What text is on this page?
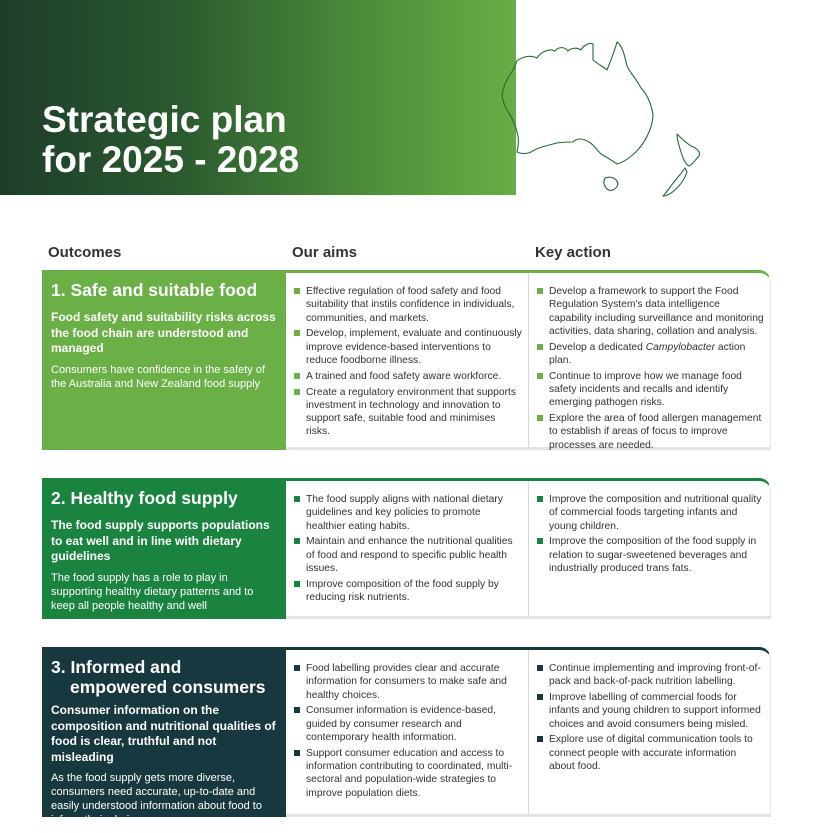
Strategic plan
for 2025 - 2028
Outcomes	Our aims	Key action
1. Safe and suitable food
Food safety and suitability risks across the food chain are understood and managed
Consumers have confidence in the safety of the Australia and New Zealand food supply
Effective regulation of food safety and food suitability that instils confidence in individuals, communities, and markets.
Develop, implement, evaluate and continuously improve evidence-based interventions to reduce foodborne illness.
A trained and food safety aware workforce.
Create a regulatory environment that supports investment in technology and innovation to support safe, suitable food and minimises risks.
Develop a framework to support the Food Regulation System's data intelligence capability including surveillance and monitoring activities, data sharing, collation and analysis.
Develop a dedicated Campylobacter action plan.
Continue to improve how we manage food safety incidents and recalls and identify emerging pathogen risks.
Explore the area of food allergen management to establish if areas of focus to improve processes are needed.
2. Healthy food supply
The food supply supports populations to eat well and in line with dietary guidelines
The food supply has a role to play in supporting healthy dietary patterns and to keep all people healthy and well
The food supply aligns with national dietary guidelines and key policies to promote healthier eating habits.
Maintain and enhance the nutritional qualities of food and respond to specific public health issues.
Improve composition of the food supply by reducing risk nutrients.
Improve the composition and nutritional quality of commercial foods targeting infants and young children.
Improve the composition of the food supply in relation to sugar-sweetened beverages and industrially produced trans fats.
3. Informed and
empowered consumers
Consumer information on the composition and nutritional qualities of food is clear, truthful and not misleading
As the food supply gets more diverse, consumers need accurate, up-to-date and easily understood information about food to inform their choices
Food labelling provides clear and accurate information for consumers to make safe and healthy choices.
Consumer information is evidence-based, guided by consumer research and contemporary health information.
Support consumer education and access to information contributing to coordinated, multi-sectoral and population-wide strategies to improve population diets.
Continue implementing and improving front-of-pack and back-of-pack nutrition labelling.
Improve labelling of commercial foods for infants and young children to support informed choices and avoid consumers being misled.
Explore use of digital communication tools to connect people with accurate information about food.
